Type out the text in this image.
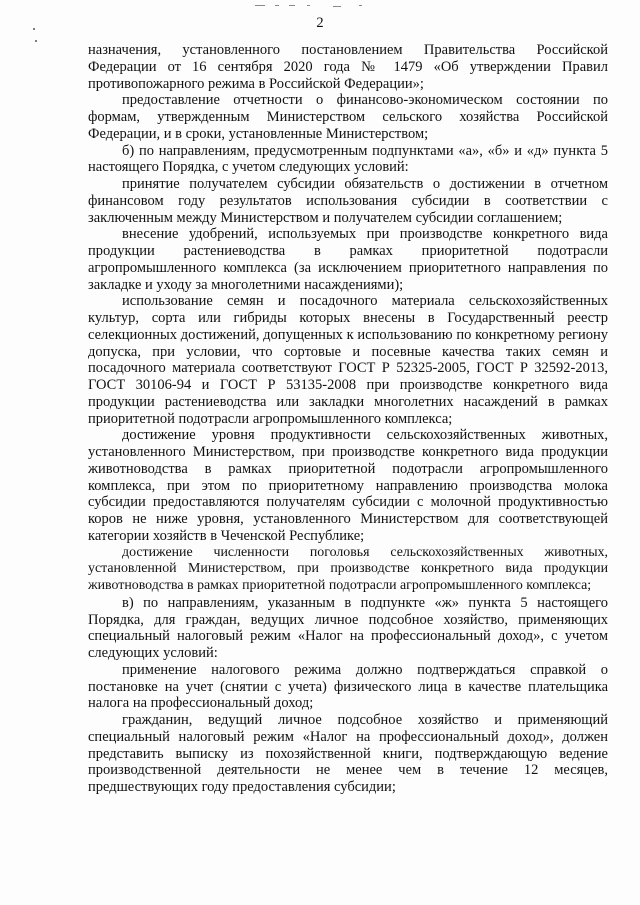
2

назначения, установленного постановлением Правительства Российской Федерации от 16 сентября 2020 года № 1479 «Об утверждении Правил противопожарного режима в Российской Федерации»;

предоставление отчетности о финансово-экономическом состоянии по формам, утвержденным Министерством сельского хозяйства Российской Федерации, и в сроки, установленные Министерством;

б) по направлениям, предусмотренным подпунктами «а», «б» и «д» пункта 5 настоящего Порядка, с учетом следующих условий:

принятие получателем субсидии обязательств о достижении в отчетном финансовом году результатов использования субсидии в соответствии с заключенным между Министерством и получателем субсидии соглашением;

внесение удобрений, используемых при производстве конкретного вида продукции растениеводства в рамках приоритетной подотрасли агропромышленного комплекса (за исключением приоритетного направления по закладке и уходу за многолетними насаждениями);

использование семян и посадочного материала сельскохозяйственных культур, сорта или гибриды которых внесены в Государственный реестр селекционных достижений, допущенных к использованию по конкретному региону допуска, при условии, что сортовые и посевные качества таких семян и посадочного материала соответствуют ГОСТ Р 52325-2005, ГОСТ Р 32592-2013, ГОСТ 30106-94 и ГОСТ Р 53135-2008 при производстве конкретного вида продукции растениеводства или закладки многолетних насаждений в рамках приоритетной подотрасли агропромышленного комплекса;

достижение уровня продуктивности сельскохозяйственных животных, установленного Министерством, при производстве конкретного вида продукции животноводства в рамках приоритетной подотрасли агропромышленного комплекса, при этом по приоритетному направлению производства молока субсидии предоставляются получателям субсидии с молочной продуктивностью коров не ниже уровня, установленного Министерством для соответствующей категории хозяйств в Чеченской Республике;

достижение численности поголовья сельскохозяйственных животных, установленной Министерством, при производстве конкретного вида продукции животноводства в рамках приоритетной подотрасли агропромышленного комплекса;

в) по направлениям, указанным в подпункте «ж» пункта 5 настоящего Порядка, для граждан, ведущих личное подсобное хозяйство, применяющих специальный налоговый режим «Налог на профессиональный доход», с учетом следующих условий:

применение налогового режима должно подтверждаться справкой о постановке на учет (снятии с учета) физического лица в качестве плательщика налога на профессиональный доход;

гражданин, ведущий личное подсобное хозяйство и применяющий специальный налоговый режим «Налог на профессиональный доход», должен представить выписку из похозяйственной книги, подтверждающую ведение производственной деятельности не менее чем в течение 12 месяцев, предшествующих году предоставления субсидии;
